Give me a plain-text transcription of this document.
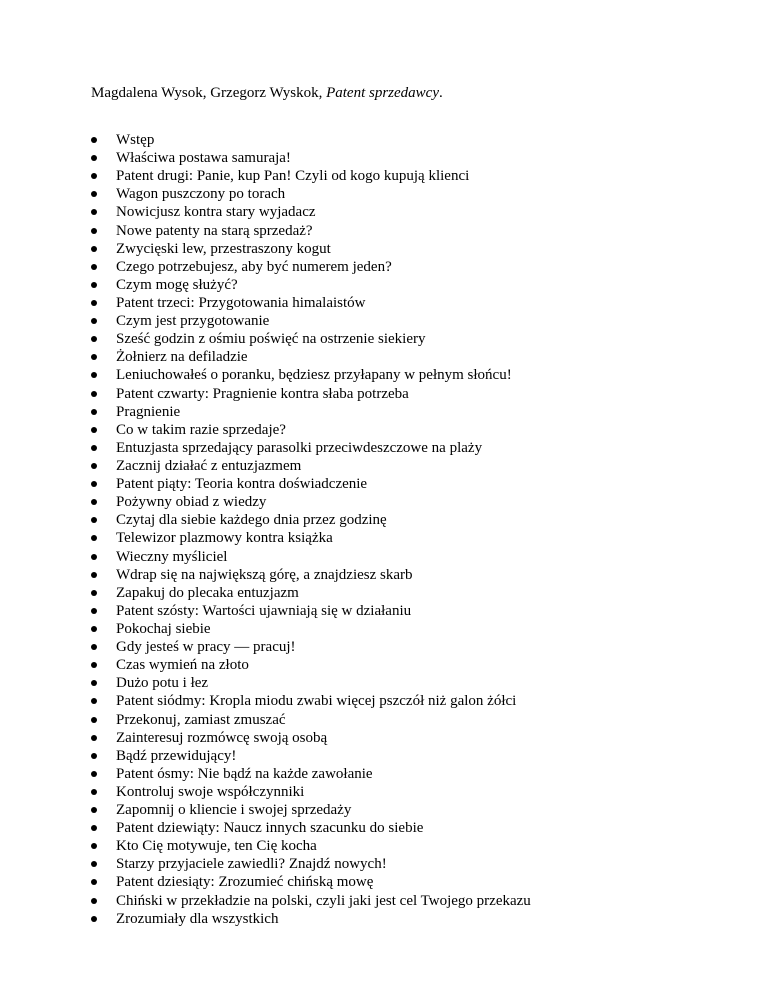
Magdalena Wysok, Grzegorz Wyskok, Patent sprzedawcy.
Wstęp
Właściwa postawa samuraja!
Patent drugi: Panie, kup Pan! Czyli od kogo kupują klienci
Wagon puszczony po torach
Nowicjusz kontra stary wyjadacz
Nowe patenty na starą sprzedaż?
Zwycięski lew, przestraszony kogut
Czego potrzebujesz, aby być numerem jeden?
Czym mogę służyć?
Patent trzeci: Przygotowania himalaistów
Czym jest przygotowanie
Sześć godzin z ośmiu poświęć na ostrzenie siekiery
Żołnierz na defiladzie
Leniuchowałeś o poranku, będziesz przyłapany w pełnym słońcu!
Patent czwarty: Pragnienie kontra słaba potrzeba
Pragnienie
Co w takim razie sprzedaje?
Entuzjasta sprzedający parasolki przeciwdeszczowe na plaży
Zacznij działać z entuzjazmem
Patent piąty: Teoria kontra doświadczenie
Pożywny obiad z wiedzy
Czytaj dla siebie każdego dnia przez godzinę
Telewizor plazmowy kontra książka
Wieczny myśliciel
Wdrap się na największą górę, a znajdziesz skarb
Zapakuj do plecaka entuzjazm
Patent szósty: Wartości ujawniają się w działaniu
Pokochaj siebie
Gdy jesteś w pracy — pracuj!
Czas wymień na złoto
Dużo potu i łez
Patent siódmy: Kropla miodu zwabi więcej pszczół niż galon żółci
Przekonuj, zamiast zmuszać
Zainteresuj rozmówcę swoją osobą
Bądź przewidujący!
Patent ósmy: Nie bądź na każde zawołanie
Kontroluj swoje współczynniki
Zapomnij o kliencie i swojej sprzedaży
Patent dziewiąty: Naucz innych szacunku do siebie
Kto Cię motywuje, ten Cię kocha
Starzy przyjaciele zawiedli? Znajdź nowych!
Patent dziesiąty: Zrozumieć chińską mowę
Chiński w przekładzie na polski, czyli jaki jest cel Twojego przekazu
Zrozumiały dla wszystkich
